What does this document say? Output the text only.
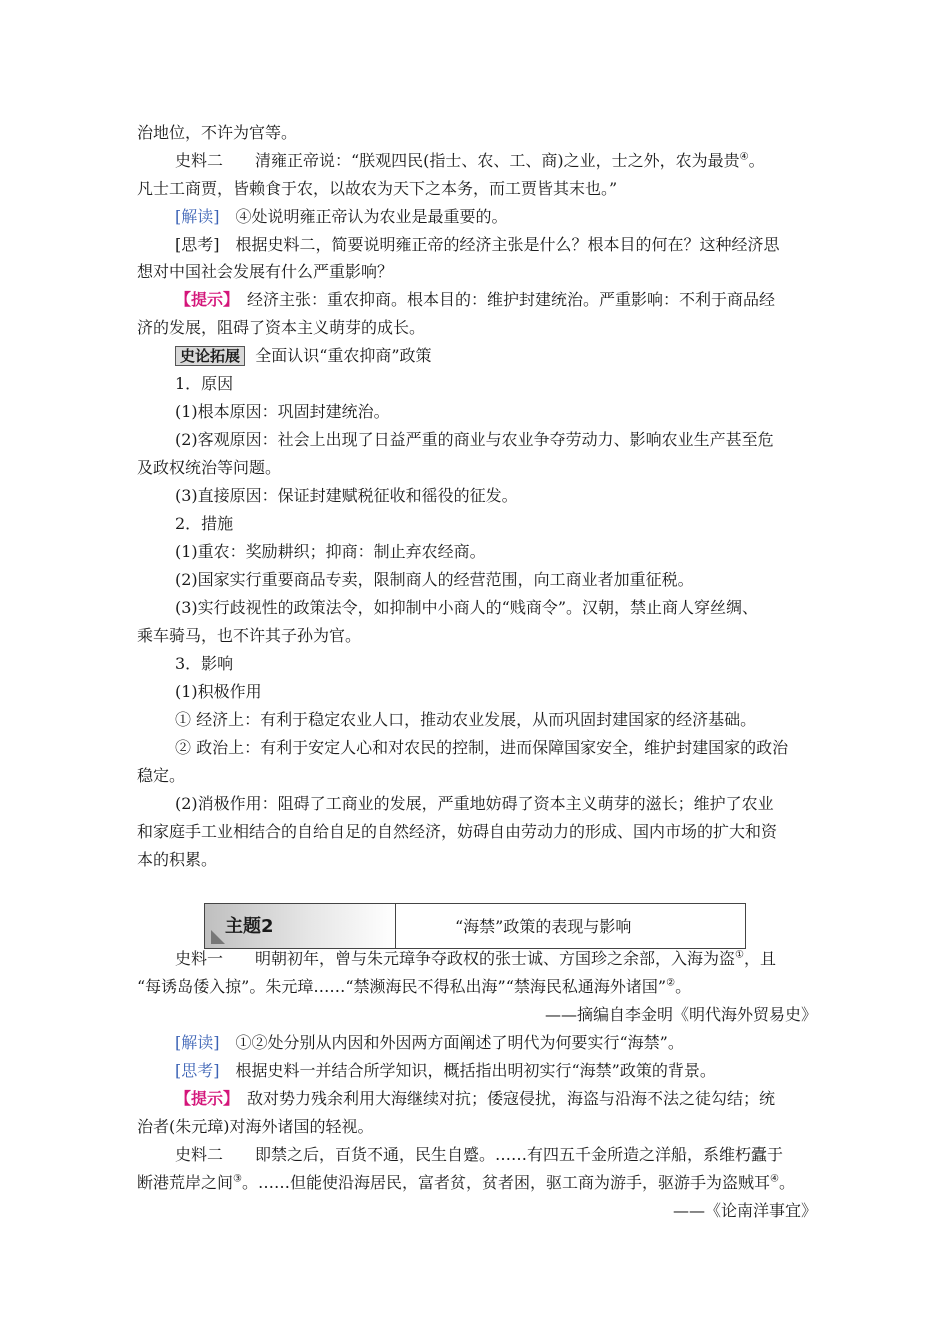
治地位，不许为官等。
史料二　　清雍正帝说：“朕观四民(指士、农、工、商)之业，士之外，农为最贵④。
凡士工商贾，皆赖食于农，以故农为天下之本务，而工贾皆其末也。”
[解读]　④处说明雍正帝认为农业是最重要的。
[思考]　根据史料二，简要说明雍正帝的经济主张是什么？根本目的何在？这种经济思
想对中国社会发展有什么严重影响？
【提示】　经济主张：重农抑商。根本目的：维护封建统治。严重影响：不利于商品经
济的发展，阻碍了资本主义萌芽的成长。
史论拓展 全面认识“重农抑商”政策
1．原因
(1)根本原因：巩固封建统治。
(2)客观原因：社会上出现了日益严重的商业与农业争夺劳动力、影响农业生产甚至危
及政权统治等问题。
(3)直接原因：保证封建赋税征收和徭役的征发。
2．措施
(1)重农：奖励耕织；抑商：制止弃农经商。
(2)国家实行重要商品专卖，限制商人的经营范围，向工商业者加重征税。
(3)实行歧视性的政策法令，如抑制中小商人的“贱商令”。汉朝，禁止商人穿丝绸、
乘车骑马，也不许其子孙为官。
3．影响
(1)积极作用
① 经济上：有利于稳定农业人口，推动农业发展，从而巩固封建国家的经济基础。
② 政治上：有利于安定人心和对农民的控制，进而保障国家安全，维护封建国家的政治
稳定。
(2)消极作用：阻碍了工商业的发展，严重地妨碍了资本主义萌芽的滋长；维护了农业
和家庭手工业相结合的自给自足的自然经济，妨碍自由劳动力的形成、国内市场的扩大和资
本的积累。
主题2	“海禁”政策的表现与影响
史料一　　明朝初年，曾与朱元璋争夺政权的张士诚、方国珍之余部，入海为盗①，且
“每诱岛倭入掠”。朱元璋……“禁濒海民不得私出海”“禁海民私通海外诸国”②。
——摘编自李金明《明代海外贸易史》
[解读]　①②处分别从内因和外因两方面阐述了明代为何要实行“海禁”。
[思考]　根据史料一并结合所学知识，概括指出明初实行“海禁”政策的背景。
【提示】　敌对势力残余利用大海继续对抗；倭寇侵扰，海盗与沿海不法之徒勾结；统
治者(朱元璋)对海外诸国的轻视。
史料二　　即禁之后，百货不通，民生自蹙。……有四五千金所造之洋船，系维朽蠹于
断港荒岸之间③。……但能使沿海居民，富者贫，贫者困，驱工商为游手，驱游手为盗贼耳④。
——《论南洋事宜》
